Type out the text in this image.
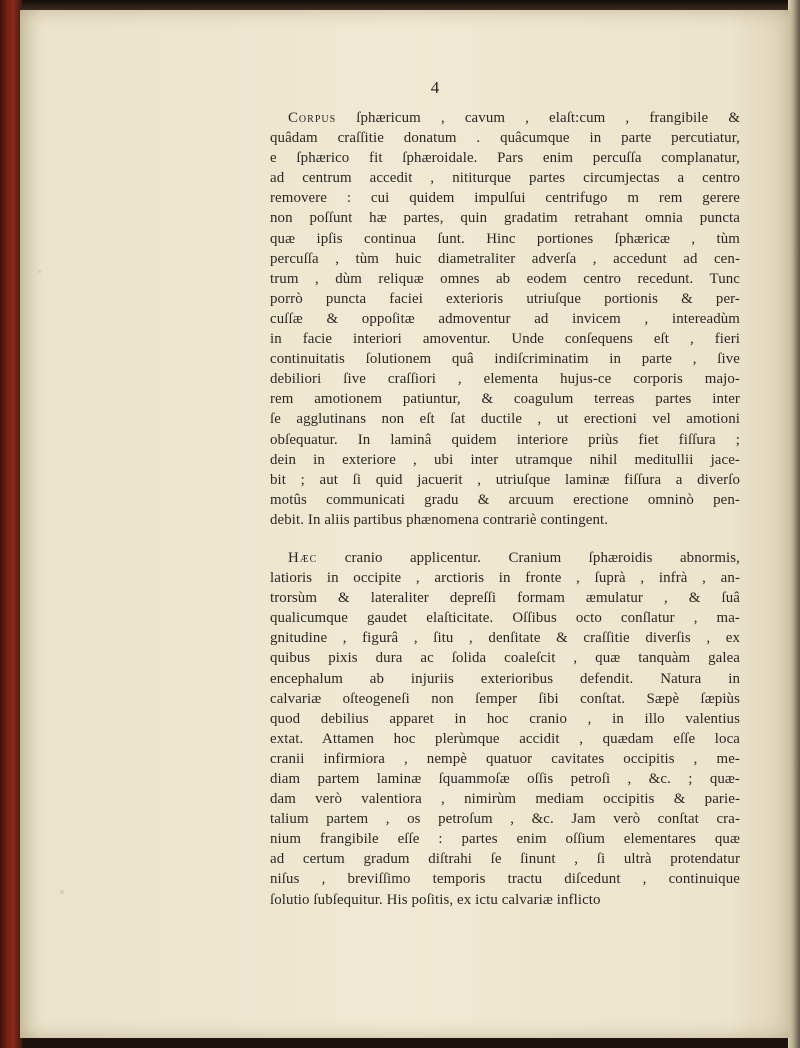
4
Corpus ſphæricum , cavum , elaſt:cum , frangibile &
quâdam craſſitie donatum . quâcumque in parte percutiatur,
e ſphærico fit ſphæroidale. Pars enim percuſſa complanatur,
ad centrum accedit , nititurque partes circumjectas a centro
removere : cui quidem impulſui centrifugo m rem gerere
non poſſunt hæ partes, quin gradatim retrahant omnia puncta
quæ ipſis continua ſunt. Hinc portiones ſphæricæ , tùm
percuſſa , tùm huic diametraliter adverſa , accedunt ad cen-
trum , dùm reliquæ omnes ab eodem centro recedunt. Tunc
porrò puncta faciei exterioris utriuſque portionis & per-
cuſſæ & oppoſitæ admoventur ad invicem , intereadùm
in facie interiori amoventur. Unde conſequens eſt , fieri
continuitatis ſolutionem quâ indiſcriminatim in parte , ſive
debiliori ſive craſſiori , elementa hujus-ce corporis majo-
rem amotionem patiuntur, & coagulum terreas partes inter
ſe agglutinans non eſt ſat ductile , ut erectioni vel amotioni
obſequatur. In laminâ quidem interiore priùs fiet fiſſura ;
dein in exteriore , ubi inter utramque nihil meditullii jace-
bit ; aut ſi quid jacuerit , utriuſque laminæ fiſſura a diverſo
motûs communicati gradu & arcuum erectione omninò pen-
debit. In aliis partibus phænomena contrariè contingent.
Hæc cranio applicentur. Cranium ſphæroidis abnormis,
latioris in occipite , arctioris in fronte , ſuprà , infrà , an-
trorsùm & lateraliter depreſſi formam æmulatur , & ſuâ
qualicumque gaudet elaſticitate. Oſſibus octo conſlatur , ma-
gnitudine , figurâ , ſitu , denſitate & craſſitie diverſis , ex
quibus pixis dura ac ſolida coaleſcit , quæ tanquàm galea
encephalum ab injuriis exterioribus defendit. Natura in
calvariæ oſteogeneſi non ſemper ſibi conſtat. Sæpè ſæpiùs
quod debilius apparet in hoc cranio , in illo valentius
extat. Attamen hoc plerùmque accidit , quædam eſſe loca
cranii infirmiora , nempè quatuor cavitates occipitis , me-
diam partem laminæ ſquammoſæ oſſis petroſi , &c. ; quæ-
dam verò valentiora , nimirùm mediam occipitis & parie-
talium partem , os petroſum , &c. Jam verò conſtat cra-
nium frangibile eſſe : partes enim oſſium elementares quæ
ad certum gradum diſtrahi ſe ſinunt , ſi ultrà protendatur
niſus , breviſſimo temporis tractu diſcedunt , continuique
ſolutio ſubſequitur. His poſitis, ex ictu calvariæ inflicto
